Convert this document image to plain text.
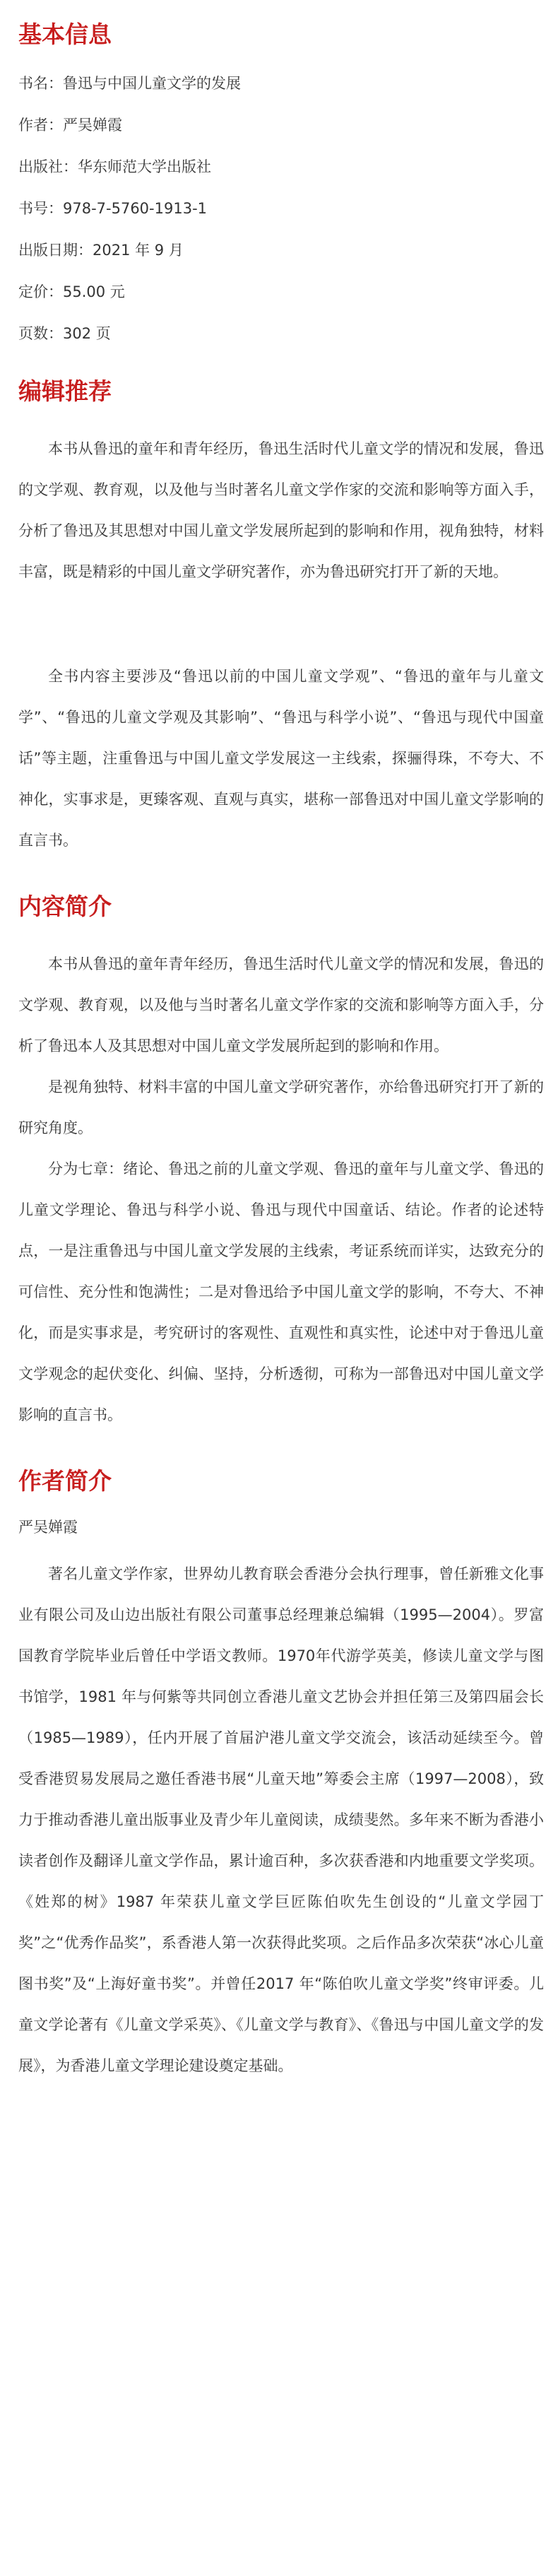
基本信息

书名：鲁迅与中国儿童文学的发展

作者：严吴婵霞

出版社：华东师范大学出版社

书号：978-7-5760-1913-1

出版日期：2021 年 9 月

定价：55.00 元

页数：302 页

编辑推荐

本书从鲁迅的童年和青年经历，鲁迅生活时代儿童文学的情况和发展，鲁迅的文学观、教育观，以及他与当时著名儿童文学作家的交流和影响等方面入手，分析了鲁迅及其思想对中国儿童文学发展所起到的影响和作用，视角独特，材料丰富，既是精彩的中国儿童文学研究著作，亦为鲁迅研究打开了新的天地。

全书内容主要涉及“鲁迅以前的中国儿童文学观”、“鲁迅的童年与儿童文学”、“鲁迅的儿童文学观及其影响”、“鲁迅与科学小说”、“鲁迅与现代中国童话”等主题，注重鲁迅与中国儿童文学发展这一主线索，探骊得珠，不夸大、不神化，实事求是，更臻客观、直观与真实，堪称一部鲁迅对中国儿童文学影响的直言书。

内容简介

本书从鲁迅的童年青年经历，鲁迅生活时代儿童文学的情况和发展，鲁迅的文学观、教育观，以及他与当时著名儿童文学作家的交流和影响等方面入手，分析了鲁迅本人及其思想对中国儿童文学发展所起到的影响和作用。

是视角独特、材料丰富的中国儿童文学研究著作，亦给鲁迅研究打开了新的研究角度。

分为七章：绪论、鲁迅之前的儿童文学观、鲁迅的童年与儿童文学、鲁迅的儿童文学理论、鲁迅与科学小说、鲁迅与现代中国童话、结论。作者的论述特点，一是注重鲁迅与中国儿童文学发展的主线索，考证系统而详实，达致充分的可信性、充分性和饱满性；二是对鲁迅给予中国儿童文学的影响，不夸大、不神化，而是实事求是，考究研讨的客观性、直观性和真实性，论述中对于鲁迅儿童文学观念的起伏变化、纠偏、坚持，分析透彻，可称为一部鲁迅对中国儿童文学影响的直言书。

作者简介

严吴婵霞

著名儿童文学作家，世界幼儿教育联会香港分会执行理事，曾任新雅文化事业有限公司及山边出版社有限公司董事总经理兼总编辑（1995—2004）。罗富国教育学院毕业后曾任中学语文教师。1970年代游学英美，修读儿童文学与图书馆学，1981 年与何紫等共同创立香港儿童文艺协会并担任第三及第四届会长（1985—1989），任内开展了首届沪港儿童文学交流会，该活动延续至今。曾受香港贸易发展局之邀任香港书展“儿童天地”筹委会主席（1997—2008），致力于推动香港儿童出版事业及青少年儿童阅读，成绩斐然。多年来不断为香港小读者创作及翻译儿童文学作品，累计逾百种，多次获香港和内地重要文学奖项。《姓郑的树》1987 年荣获儿童文学巨匠陈伯吹先生创设的“儿童文学园丁奖”之“优秀作品奖”，系香港人第一次获得此奖项。之后作品多次荣获“冰心儿童图书奖”及“上海好童书奖”。并曾任2017 年“陈伯吹儿童文学奖”终审评委。儿童文学论著有《儿童文学采英》、《儿童文学与教育》、《鲁迅与中国儿童文学的发展》，为香港儿童文学理论建设奠定基础。
